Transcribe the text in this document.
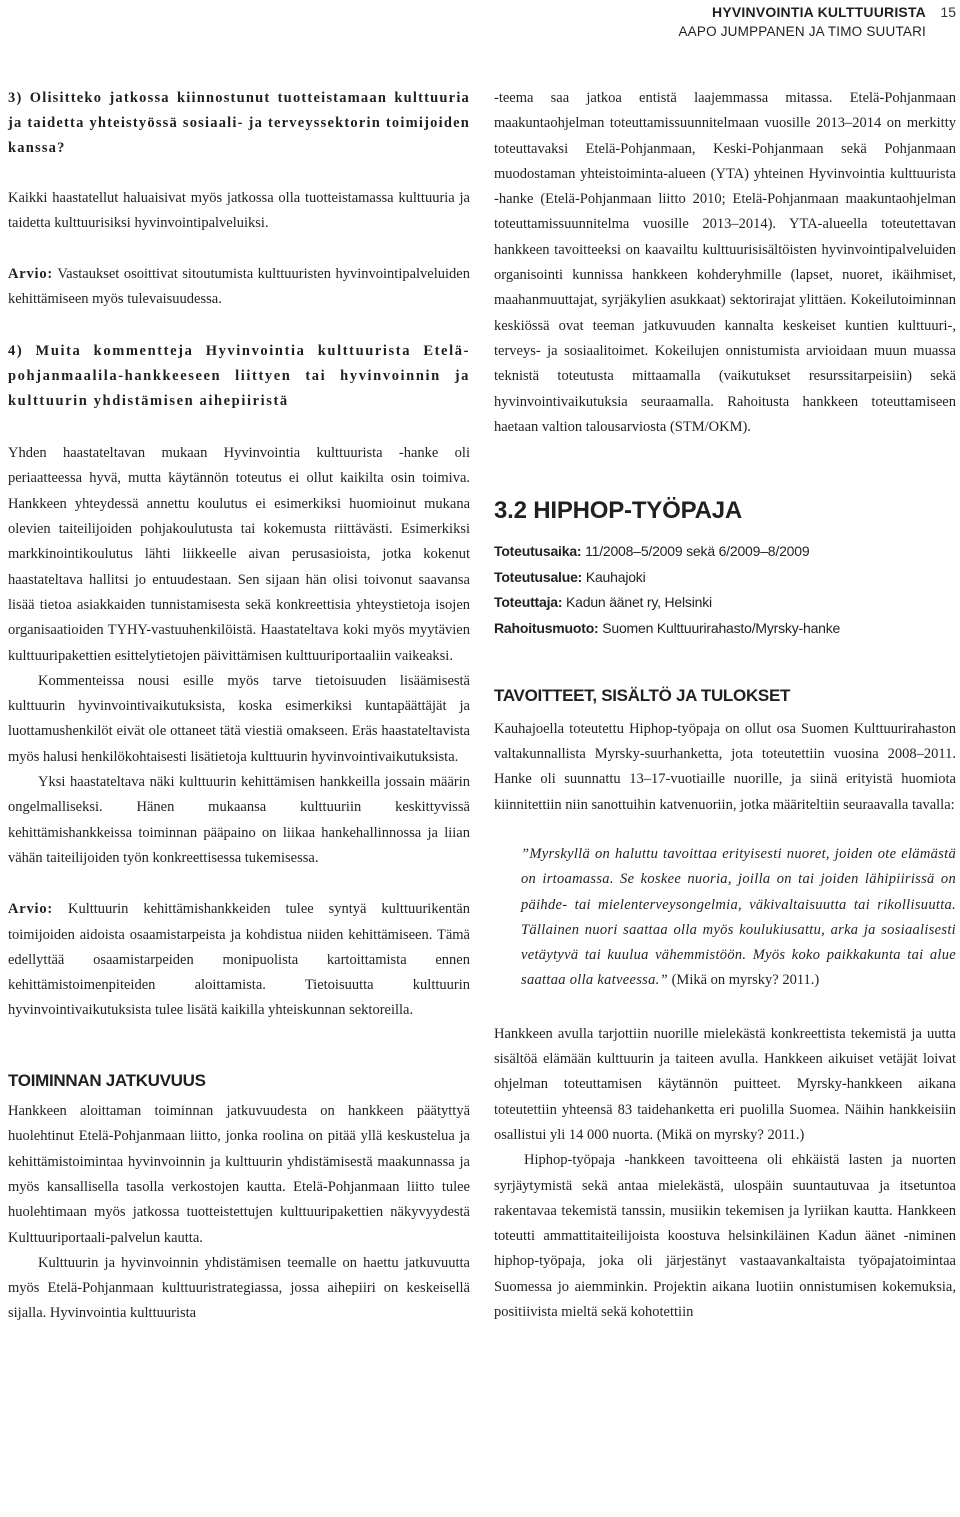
HYVINVOINTIA KULTTUURISTA
AAPO JUMPPANEN JA TIMO SUUTARI
15

3) Olisitteko jatkossa kiinnostunut tuotteistamaan kulttuuria ja taidetta yhteistyössä sosiaali- ja terveyssektorin toimijoiden kanssa?

Kaikki haastatellut haluaisivat myös jatkossa olla tuotteistamassa kulttuuria ja taidetta kulttuurisiksi hyvinvointipalveluiksi.

Arvio: Vastaukset osoittivat sitoutumista kulttuuristen hyvinvointipalveluiden kehittämiseen myös tulevaisuudessa.

4) Muita kommentteja Hyvinvointia kulttuurista Etelä-pohjanmaalila-hankkeeseen liittyen tai hyvinvoinnin ja kulttuurin yhdistämisen aihepiiristä

Yhden haastateltavan mukaan Hyvinvointia kulttuurista -hanke oli periaatteessa hyvä, mutta käytännön toteutus ei ollut kaikilta osin toimiva. Hankkeen yhteydessä annettu koulutus ei esimerkiksi huomioinut mukana olevien taiteilijoiden pohjakoulutusta tai kokemusta riittävästi. Esimerkiksi markkinointikoulutus lähti liikkeelle aivan perusasioista, jotka kokenut haastateltava hallitsi jo entuudestaan. Sen sijaan hän olisi toivonut saavansa lisää tietoa asiakkaiden tunnistamisesta sekä konkreettisia yhteystietoja isojen organisaatioiden TYHY-vastuuhenkilöistä. Haastateltava koki myös myytävien kulttuuripakettien esittelytietojen päivittämisen kulttuuriportaaliin vaikeaksi.

Kommenteissa nousi esille myös tarve tietoisuuden lisäämisestä kulttuurin hyvinvointivaikutuksista, koska esimerkiksi kuntapäättäjät ja luottamushenkilöt eivät ole ottaneet tätä viestiä omakseen. Eräs haastateltavista myös halusi henkilökohtaisesti lisätietoja kulttuurin hyvinvointivaikutuksista.

Yksi haastateltava näki kulttuurin kehittämisen hankkeilla jossain määrin ongelmalliseksi. Hänen mukaansa kulttuuriin keskittyvissä kehittämishankkeissa toiminnan pääpaino on liikaa hankehallinnossa ja liian vähän taiteilijoiden työn konkreettisessa tukemisessa.

Arvio: Kulttuurin kehittämishankkeiden tulee syntyä kulttuurikentän toimijoiden aidoista osaamistarpeista ja kohdistua niiden kehittämiseen. Tämä edellyttää osaamistarpeiden monipuolista kartoittamista ennen kehittämistoimenpiteiden aloittamista. Tietoisuutta kulttuurin hyvinvointivaikutuksista tulee lisätä kaikilla yhteiskunnan sektoreilla.

TOIMINNAN JATKUVUUS

Hankkeen aloittaman toiminnan jatkuvuudesta on hankkeen päätyttyä huolehtinut Etelä-Pohjanmaan liitto, jonka roolina on pitää yllä keskustelua ja kehittämistoimintaa hyvinvoinnin ja kulttuurin yhdistämisestä maakunnassa ja myös kansallisella tasolla verkostojen kautta. Etelä-Pohjanmaan liitto tulee huolehtimaan myös jatkossa tuotteistettujen kulttuuripakettien näkyvyydestä Kulttuuriportaali-palvelun kautta.

Kulttuurin ja hyvinvoinnin yhdistämisen teemalle on haettu jatkuvuutta myös Etelä-Pohjanmaan kulttuuristrategiassa, jossa aihepiiri on keskeisellä sijalla. Hyvinvointia kulttuurista

-teema saa jatkoa entistä laajemmassa mitassa. Etelä-Pohjanmaan maakuntaohjelman toteuttamissuunnitelmaan vuosille 2013–2014 on merkitty toteuttavaksi Etelä-Pohjanmaan, Keski-Pohjanmaan sekä Pohjanmaan muodostaman yhteistoiminta-alueen (YTA) yhteinen Hyvinvointia kulttuurista -hanke (Etelä-Pohjanmaan liitto 2010; Etelä-Pohjanmaan maakuntaohjelman toteuttamissuunnitelma vuosille 2013–2014). YTA-alueella toteutettavan hankkeen tavoitteeksi on kaavailtu kulttuurisisältöisten hyvinvointipalveluiden organisointi kunnissa hankkeen kohderyhmille (lapset, nuoret, ikäihmiset, maahanmuuttajat, syrjäkylien asukkaat) sektorirajat ylittäen. Kokeilutoiminnan keskiössä ovat teeman jatkuvuuden kannalta keskeiset kuntien kulttuuri-, terveys- ja sosiaalitoimet. Kokeilujen onnistumista arvioidaan muun muassa teknistä toteutusta mittaamalla (vaikutukset resurssitarpeisiin) sekä hyvinvointivaikutuksia seuraamalla. Rahoitusta hankkeen toteuttamiseen haetaan valtion talousarviosta (STM/OKM).

3.2 HIPHOP-TYÖPAJA
Toteutusaika: 11/2008–5/2009 sekä 6/2009–8/2009
Toteutusalue: Kauhajoki
Toteuttaja: Kadun äänet ry, Helsinki
Rahoitusmuoto: Suomen Kulttuurirahasto/Myrsky-hanke
TAVOITTEET, SISÄLTÖ JA TULOKSET

Kauhajoella toteutettu Hiphop-työpaja on ollut osa Suomen Kulttuurirahaston valtakunnallista Myrsky-suurhanketta, jota toteutettiin vuosina 2008–2011. Hanke oli suunnattu 13–17-vuotiaille nuorille, ja siinä erityistä huomiota kiinnitettiin niin sanottuihin katvenuoriin, jotka määriteltiin seuraavalla tavalla:

”Myrskyllä on haluttu tavoittaa erityisesti nuoret, joiden ote elämästä on irtoamassa. Se koskee nuoria, joilla on tai joiden lähipiirissä on päihde- tai mielenterveysongelmia, väkivaltaisuutta tai rikollisuutta. Tällainen nuori saattaa olla myös koulukiusattu, arka ja sosiaalisesti vetäytyvä tai kuulua vähemmistöön. Myös koko paikkakunta tai alue saattaa olla katveessa.” (Mikä on myrsky? 2011.)

Hankkeen avulla tarjottiin nuorille mielekästä konkreettista tekemistä ja uutta sisältöä elämään kulttuurin ja taiteen avulla. Hankkeen aikuiset vetäjät loivat ohjelman toteuttamisen käytännön puitteet. Myrsky-hankkeen aikana toteutettiin yhteensä 83 taidehanketta eri puolilla Suomea. Näihin hankkeisiin osallistui yli 14 000 nuorta. (Mikä on myrsky? 2011.)

Hiphop-työpaja -hankkeen tavoitteena oli ehkäistä lasten ja nuorten syrjäytymistä sekä antaa mielekästä, ulospäin suuntautuvaa ja itsetuntoa rakentavaa tekemistä tanssin, musiikin tekemisen ja lyriikan kautta. Hankkeen toteutti ammattitaiteilijoista koostuva helsinkiläinen Kadun äänet -niminen hiphop-työpaja, joka oli järjestänyt vastaavankaltaista työpajatoimintaa Suomessa jo aiemminkin. Projektin aikana luotiin onnistumisen kokemuksia, positiivista mieltä sekä kohotettiin
